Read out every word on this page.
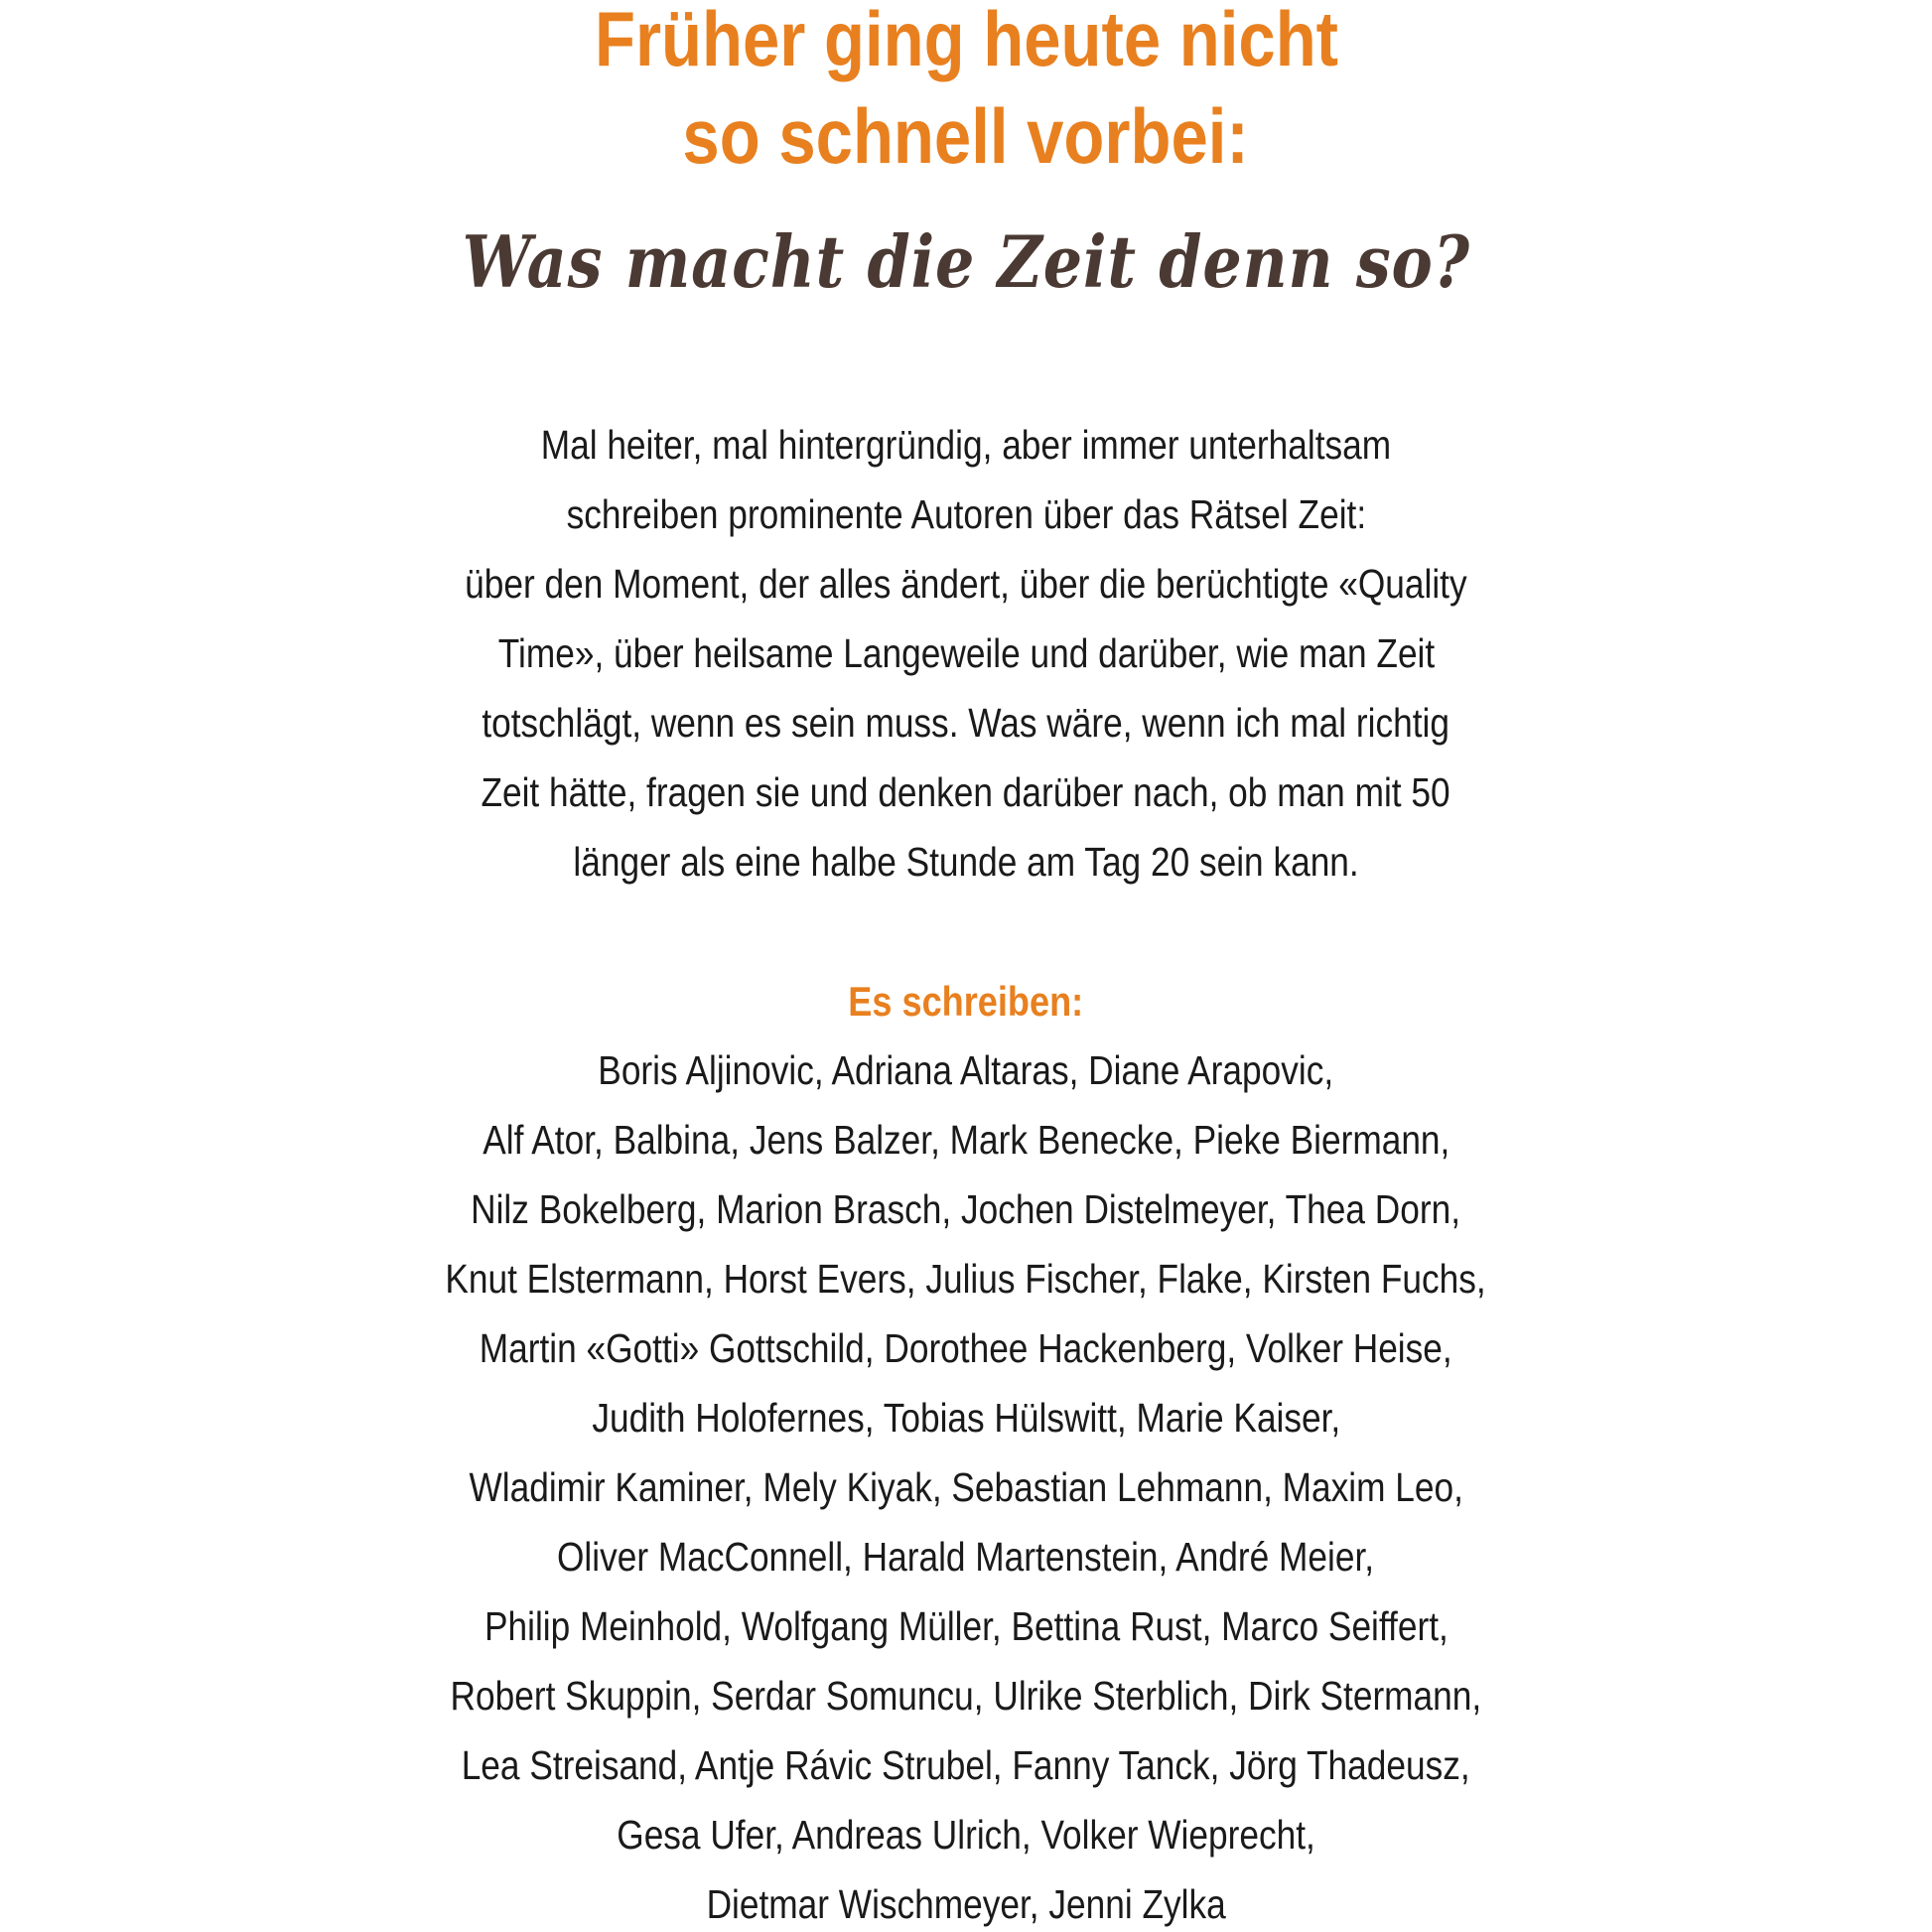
Früher ging heute nicht
so schnell vorbei:
Was macht die Zeit denn so?
Mal heiter, mal hintergründig, aber immer unterhaltsam
schreiben prominente Autoren über das Rätsel Zeit:
über den Moment, der alles ändert, über die berüchtigte «Quality
Time», über heilsame Langeweile und darüber, wie man Zeit
totschlägt, wenn es sein muss. Was wäre, wenn ich mal richtig
Zeit hätte, fragen sie und denken darüber nach, ob man mit 50
länger als eine halbe Stunde am Tag 20 sein kann.
Es schreiben:
Boris Aljinovic, Adriana Altaras, Diane Arapovic,
Alf Ator, Balbina, Jens Balzer, Mark Benecke, Pieke Biermann,
Nilz Bokelberg, Marion Brasch, Jochen Distelmeyer, Thea Dorn,
Knut Elstermann, Horst Evers, Julius Fischer, Flake, Kirsten Fuchs,
Martin «Gotti» Gottschild, Dorothee Hackenberg, Volker Heise,
Judith Holofernes, Tobias Hülswitt, Marie Kaiser,
Wladimir Kaminer, Mely Kiyak, Sebastian Lehmann, Maxim Leo,
Oliver MacConnell, Harald Martenstein, André Meier,
Philip Meinhold, Wolfgang Müller, Bettina Rust, Marco Seiffert,
Robert Skuppin, Serdar Somuncu, Ulrike Sterblich, Dirk Stermann,
Lea Streisand, Antje Rávic Strubel, Fanny Tanck, Jörg Thadeusz,
Gesa Ufer, Andreas Ulrich, Volker Wieprecht,
Dietmar Wischmeyer, Jenni Zylka
